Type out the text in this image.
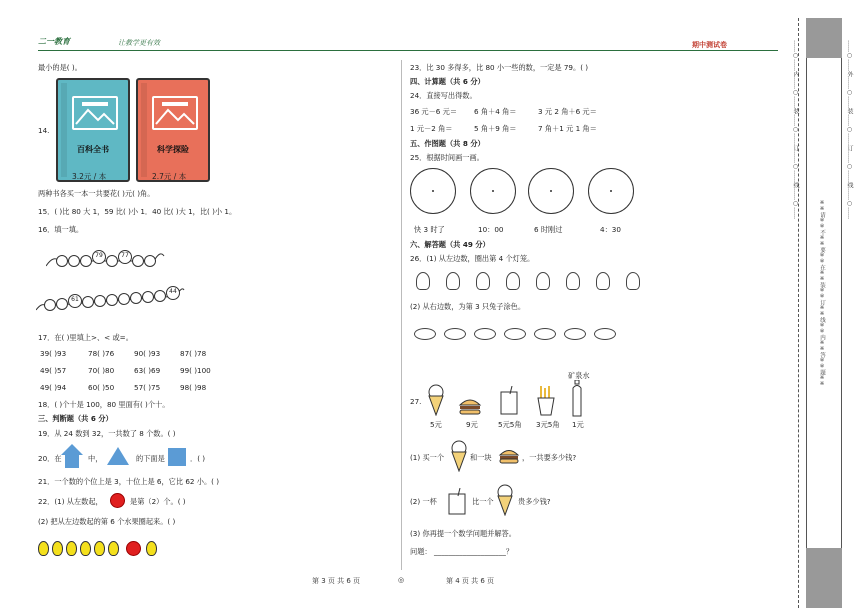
二一教育	让教学更有效	期中测试卷
最小的是( )。
14.
百科全书	科学探险
3.2元 / 本	2.7元 / 本
两种书各买一本一共要花( )元( )角。
15．( )比 80 大 1，59 比( )小 1．40 比( )大 1，比( )小 1。
16．填一填。
79	77
61
44
17．在( )里填上>、< 或=。
39( )93	78( )76	90( )93	87( )78
49( )57	70( )80	63( )69	99( )100
49( )94	60( )50	57( )75	98( )98
18．( )个十是 100，80 里面有( )个十。
三、判断题（共 6 分）
19．从 24 数到 32，一共数了 8 个数。( )
20．在	中，	的下面是	．( )
21．一个数的个位上是 3，十位上是 6，它比 62 小。( )
22．(1) 从左数起，	是第（2）个。( )
(2) 把从左边数起的第 6 个水果圈起来。( )
23．比 30 多得多，比 80 小一些的数，一定是 79。( )
四、计算题（共 6 分）
24．直接写出得数。
36 元－6 元＝ 6 角＋4 角＝	3 元 2 角＋6 元＝
1 元－2 角＝	5 角＋9 角＝	7 角＋1 元 1 角＝
五、作图题（共 8 分）
25．根据时间画一画。
快 3 时了	10：00	6 时刚过	4：30
六、解答题（共 49 分）
26．(1) 从左边数，圈出第 4 个灯笼。
(2) 从右边数，为第 3 只兔子涂色。
27.
矿泉水
5元	9元	5元5角 3元5角 1元
(1) 买一个	和一块	，一共要多少钱?
(2) 一杯	比一个	贵多少钱?
(3) 你再提一个数学问题并解答。
问题： ____________________？
第 3 页 共 6 页	◎	第 4 页 共 6 页
……○……内……○……装……○……订……○……线……○……	……○……外……○……装……○……订……○……线……○……
※※请※※不※※要※※在※※装※※订※※线※※内※※答※※题※※
